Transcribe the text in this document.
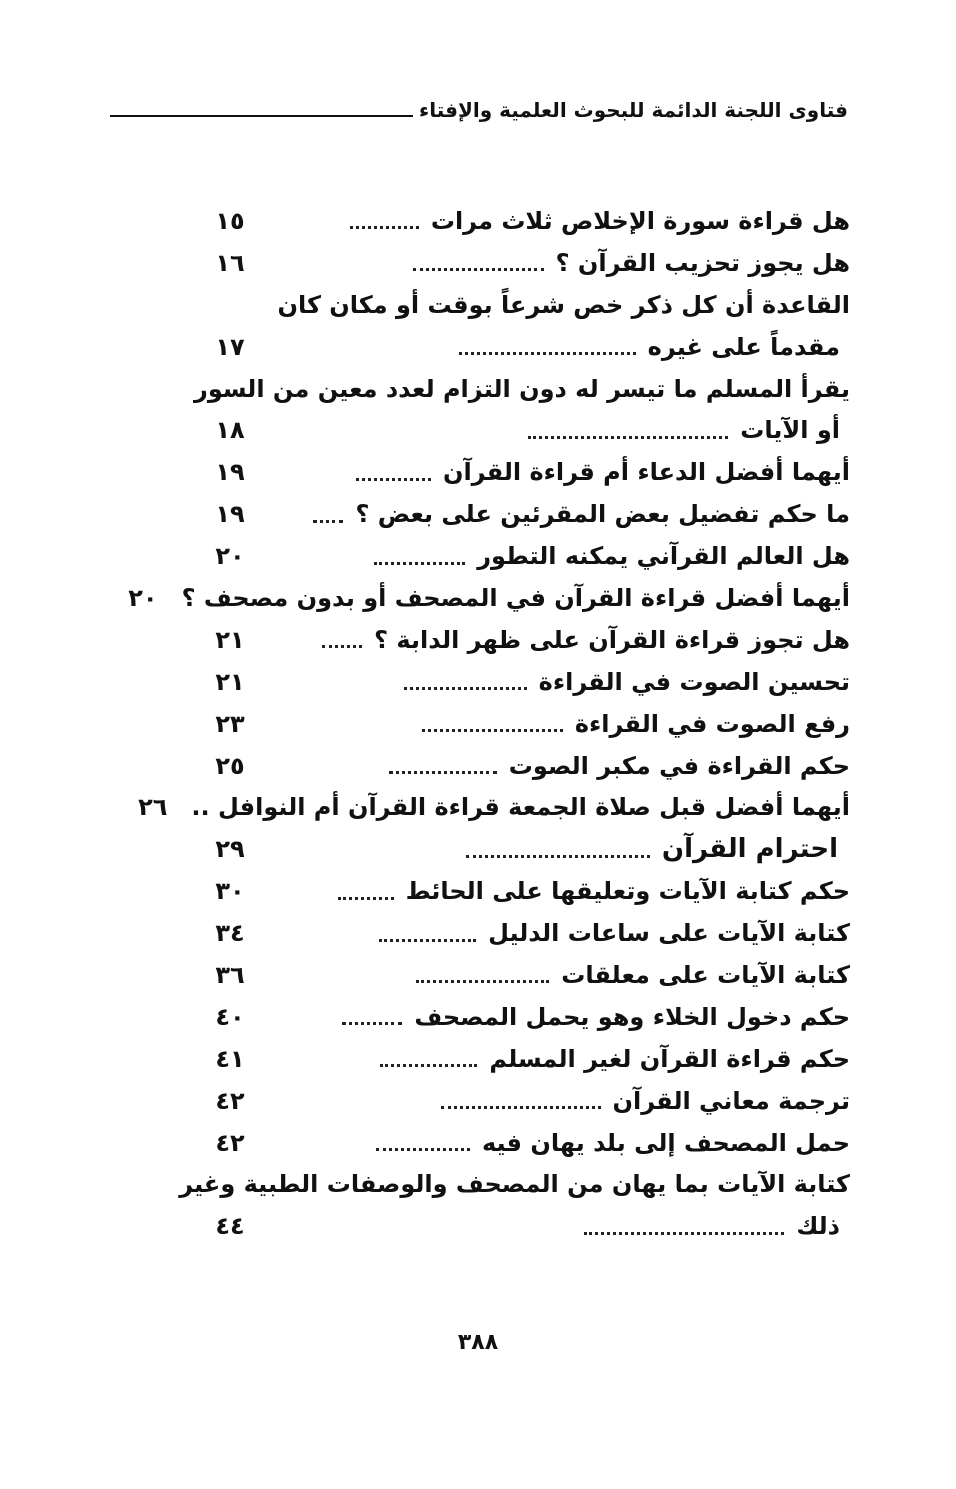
فتاوى اللجنة الدائمة للبحوث العلمية والإفتاء
هل قراءة سورة الإخلاص ثلاث مرات
١٥
هل يجوز تحزيب القرآن ؟
١٦
القاعدة أن كل ذكر خص شرعاً بوقت أو مكان كان
مقدماً على غيره
١٧
يقرأ المسلم ما تيسر له دون التزام لعدد معين من السور
أو الآيات
١٨
أيهما أفضل الدعاء أم قراءة القرآن
١٩
ما حكم تفضيل بعض المقرئين على بعض ؟
١٩
هل العالم القرآني يمكنه التطور
٢٠
أيهما أفضل قراءة القرآن في المصحف أو بدون مصحف ؟
٢٠
هل تجوز قراءة القرآن على ظهر الدابة ؟
٢١
تحسين الصوت في القراءة
٢١
رفع الصوت في القراءة
٢٣
حكم القراءة في مكبر الصوت
٢٥
أيهما أفضل قبل صلاة الجمعة قراءة القرآن أم النوافل ..
٢٦
احترام القرآن
٢٩
حكم كتابة الآيات وتعليقها على الحائط
٣٠
كتابة الآيات على ساعات الدليل
٣٤
كتابة الآيات على معلقات
٣٦
حكم دخول الخلاء وهو يحمل المصحف
٤٠
حكم قراءة القرآن لغير المسلم
٤١
ترجمة معاني القرآن
٤٢
حمل المصحف إلى بلد يهان فيه
٤٢
كتابة الآيات بما يهان من المصحف والوصفات الطبية وغير
ذلك
٤٤
٣٨٨
